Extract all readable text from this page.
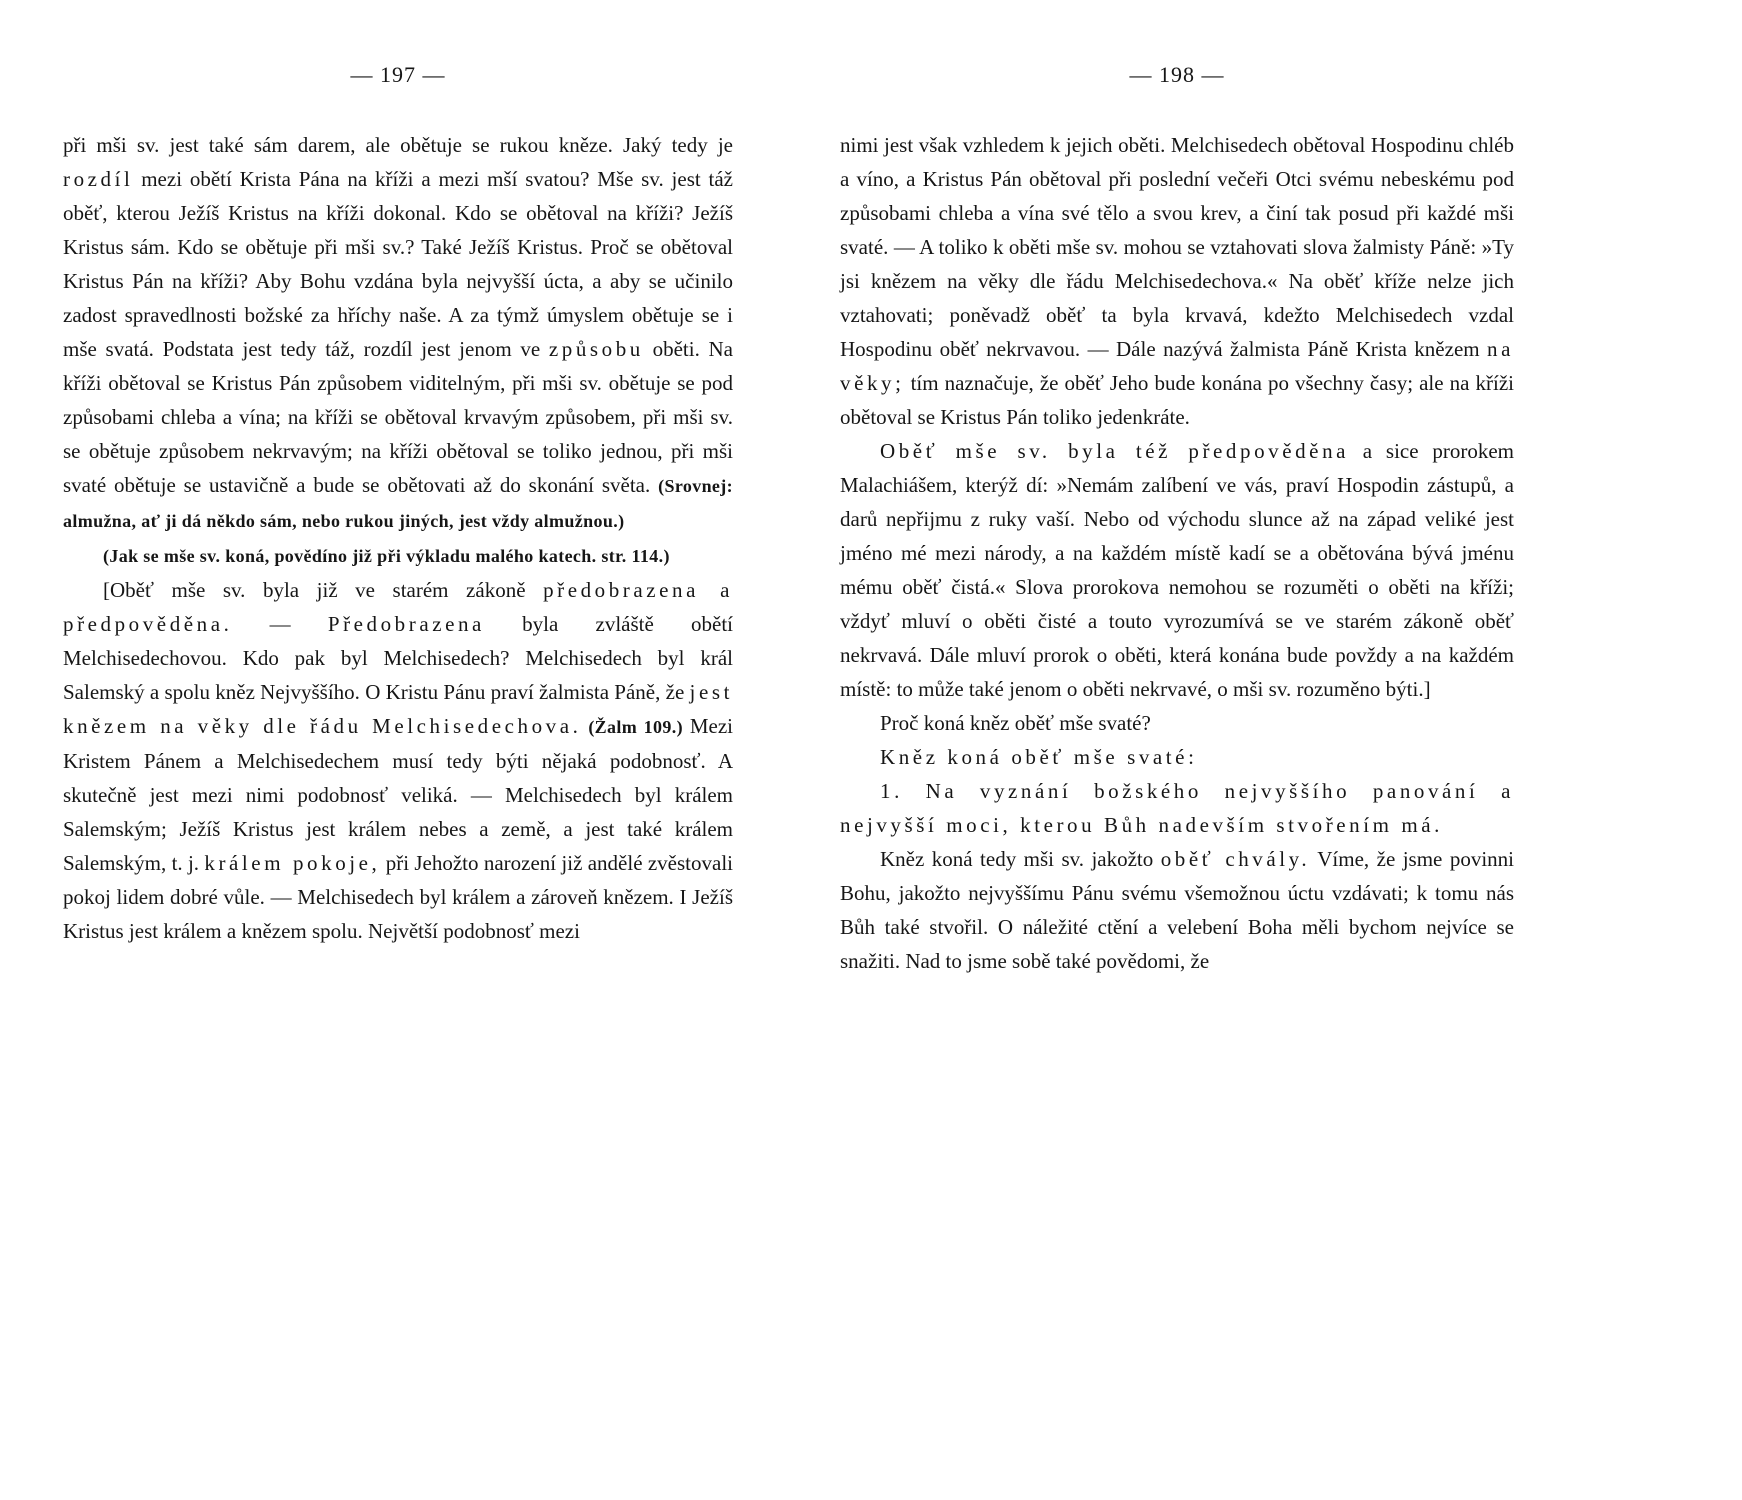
— 197 —

při mši sv. jest také sám darem, ale obětuje se rukou kněze. Jaký tedy je rozdíl mezi obětí Krista Pána na kříži a mezi mší svatou? Mše sv. jest táž oběť, kterou Ježíš Kristus na kříži dokonal. Kdo se obětoval na kříži? Ježíš Kristus sám. Kdo se obětuje při mši sv.? Také Ježíš Kristus. Proč se obětoval Kristus Pán na kříži? Aby Bohu vzdána byla nejvyšší úcta, a aby se učinilo zadost spravedlnosti božské za hříchy naše. A za týmž úmyslem obětuje se i mše svatá. Podstata jest tedy táž, rozdíl jest jenom ve způsobu oběti. Na kříži obětoval se Kristus Pán způsobem viditelným, při mši sv. obětuje se pod způsobami chleba a vína; na kříži se obětoval krvavým způsobem, při mši sv. se obětuje způsobem nekrvavým; na kříži obětoval se toliko jednou, při mši svaté obětuje se ustavičně a bude se obětovati až do skonání světa. (Srovnej: almužna, ať ji dá někdo sám, nebo rukou jiných, jest vždy almužnou.)

(Jak se mše sv. koná, povědíno již při výkladu malého katech. str. 114.)

[Oběť mše sv. byla již ve starém zákoně předobrazena a předpověděna. — Předobrazena byla zvláště obětí Melchisedechovou. Kdo pak byl Melchisedech? Melchisedech byl král Salemský a spolu kněz Nejvyššího. O Kristu Pánu praví žalmista Páně, že jest knězem na věky dle řádu Melchisedechova. (Žalm 109.) Mezi Kristem Pánem a Melchisedechem musí tedy býti nějaká podobnosť. A skutečně jest mezi nimi podobnosť veliká. — Melchisedech byl králem Salemským; Ježíš Kristus jest králem nebes a země, a jest také králem Salemským, t. j. králem pokoje, při Jehožto narození již andělé zvěstovali pokoj lidem dobré vůle. — Melchisedech byl králem a zároveň knězem. I Ježíš Kristus jest králem a knězem spolu. Největší podobnosť mezi

— 198 —

nimi jest však vzhledem k jejich oběti. Melchisedech obětoval Hospodinu chléb a víno, a Kristus Pán obětoval při poslední večeři Otci svému nebeskému pod způsobami chleba a vína své tělo a svou krev, a činí tak posud při každé mši svaté. — A toliko k oběti mše sv. mohou se vztahovati slova žalmisty Páně: »Ty jsi knězem na věky dle řádu Melchisedechova.« Na oběť kříže nelze jich vztahovati; poněvadž oběť ta byla krvavá, kdežto Melchisedech vzdal Hospodinu oběť nekrvavou. — Dále nazývá žalmista Páně Krista knězem na věky; tím naznačuje, že oběť Jeho bude konána po všechny časy; ale na kříži obětoval se Kristus Pán toliko jedenkráte.

Oběť mše sv. byla též předpověděna a sice prorokem Malachiášem, kterýž dí: »Nemám zalíbení ve vás, praví Hospodin zástupů, a darů nepřijmu z ruky vaší. Nebo od východu slunce až na západ veliké jest jméno mé mezi národy, a na každém místě kadí se a obětována bývá jménu mému oběť čistá.« Slova prorokova nemohou se rozuměti o oběti na kříži; vždyť mluví o oběti čisté a touto vyrozumívá se ve starém zákoně oběť nekrvavá. Dále mluví prorok o oběti, která konána bude povždy a na každém místě: to může také jenom o oběti nekrvavé, o mši sv. rozuměno býti.]

Proč koná kněz oběť mše svaté?

Kněz koná oběť mše svaté:

1. Na vyznání božského nejvyššího panování a nejvyšší moci, kterou Bůh nadevším stvořením má.

Kněz koná tedy mši sv. jakožto oběť chvály. Víme, že jsme povinni Bohu, jakožto nejvyššímu Pánu svému všemožnou úctu vzdávati; k tomu nás Bůh také stvořil. O náležité ctění a velebení Boha měli bychom nejvíce se snažiti. Nad to jsme sobě také povědomi, že
